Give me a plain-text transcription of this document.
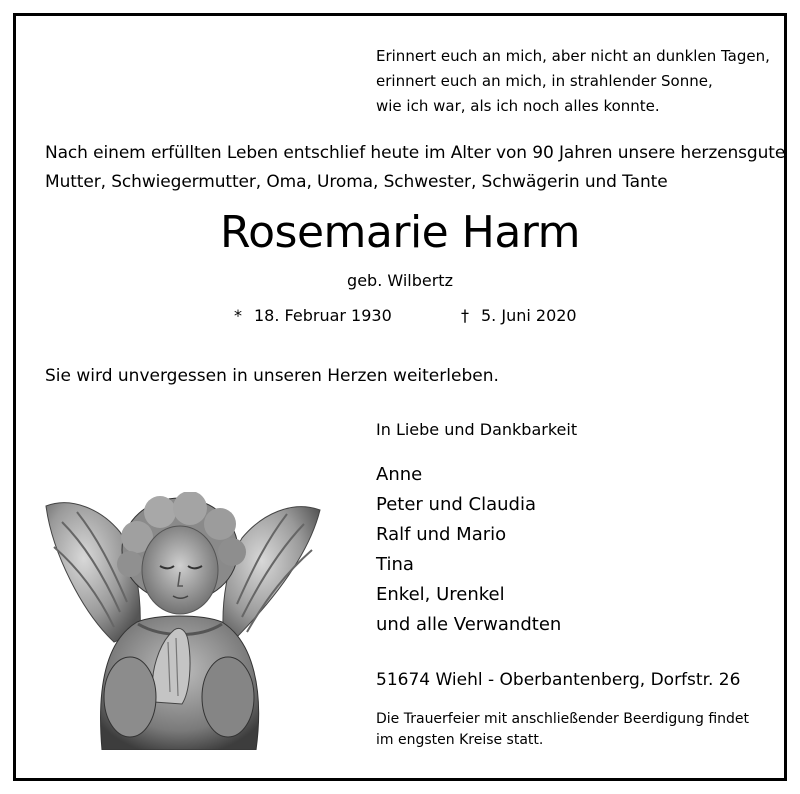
Erinnert euch an mich, aber nicht an dunklen Tagen,
erinnert euch an mich, in strahlender Sonne,
wie ich war, als ich noch alles konnte.
Nach einem erfüllten Leben entschlief heute im Alter von 90 Jahren unsere herzensgute
Mutter, Schwiegermutter, Oma, Uroma, Schwester, Schwägerin und Tante
Rosemarie Harm
geb. Wilbertz
* 18. Februar 1930	† 5. Juni 2020
Sie wird unvergessen in unseren Herzen weiterleben.
In Liebe und Dankbarkeit
Anne
Peter und Claudia
Ralf und Mario
Tina
Enkel, Urenkel
und alle Verwandten
51674 Wiehl - Oberbantenberg, Dorfstr. 26
Die Trauerfeier mit anschließender Beerdigung findet
im engsten Kreise statt.
